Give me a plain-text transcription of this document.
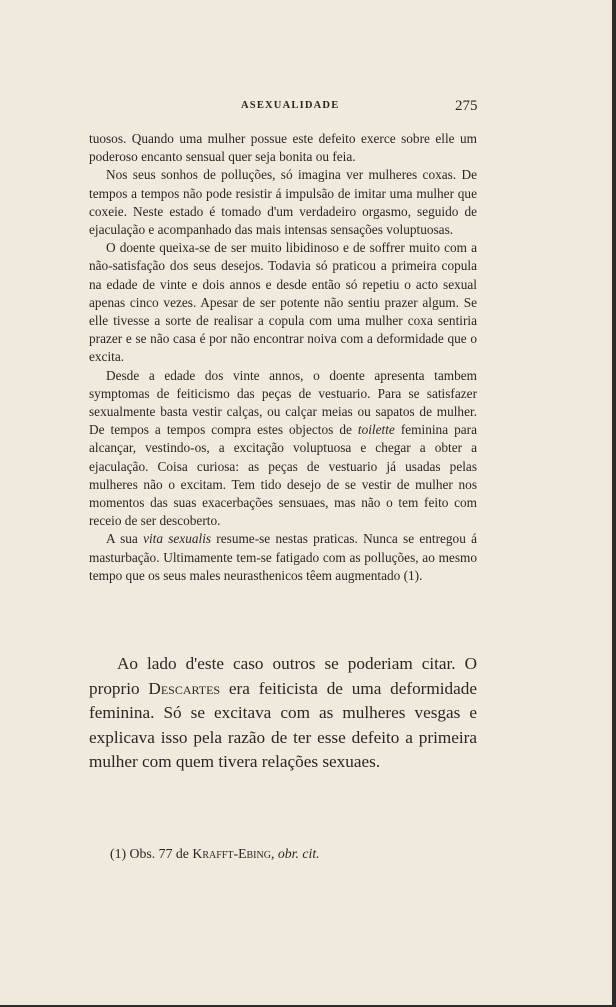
ASEXUALIDADE	275

tuosos. Quando uma mulher possue este defeito exerce sobre elle um poderoso encanto sensual quer seja bonita ou feia.

Nos seus sonhos de polluções, só imagina ver mulheres coxas. De tempos a tempos não pode resistir á impulsão de imitar uma mulher que coxeie. Neste estado é tomado d'um verdadeiro orgasmo, seguido de ejaculação e acompanhado das mais intensas sensações voluptuosas.

O doente queixa-se de ser muito libidinoso e de soffrer muito com a não-satisfação dos seus desejos. Todavia só praticou a primeira copula na edade de vinte e dois annos e desde então só repetiu o acto sexual apenas cinco vezes. Apesar de ser potente não sentiu prazer algum. Se elle tivesse a sorte de realisar a copula com uma mulher coxa sentiria prazer e se não casa é por não encontrar noiva com a deformidade que o excita.

Desde a edade dos vinte annos, o doente apresenta tambem symptomas de feiticismo das peças de vestuario. Para se satisfazer sexualmente basta vestir calças, ou calçar meias ou sapatos de mulher. De tempos a tempos compra estes objectos de toilette feminina para alcançar, vestindo-os, a excitação voluptuosa e chegar a obter a ejaculação. Coisa curiosa: as peças de vestuario já usadas pelas mulheres não o excitam. Tem tido desejo de se vestir de mulher nos momentos das suas exacerbações sensuaes, mas não o tem feito com receio de ser descoberto.

A sua vita sexualis resume-se nestas praticas. Nunca se entregou á masturbação. Ultimamente tem-se fatigado com as polluções, ao mesmo tempo que os seus males neurasthenicos têem augmentado (1).

Ao lado d'este caso outros se poderiam citar. O proprio Descartes era feiticista de uma deformidade feminina. Só se excitava com as mulheres vesgas e explicava isso pela razão de ter esse defeito a primeira mulher com quem tivera relações sexuaes.

(1) Obs. 77 de Krafft-Ebing, obr. cit.
